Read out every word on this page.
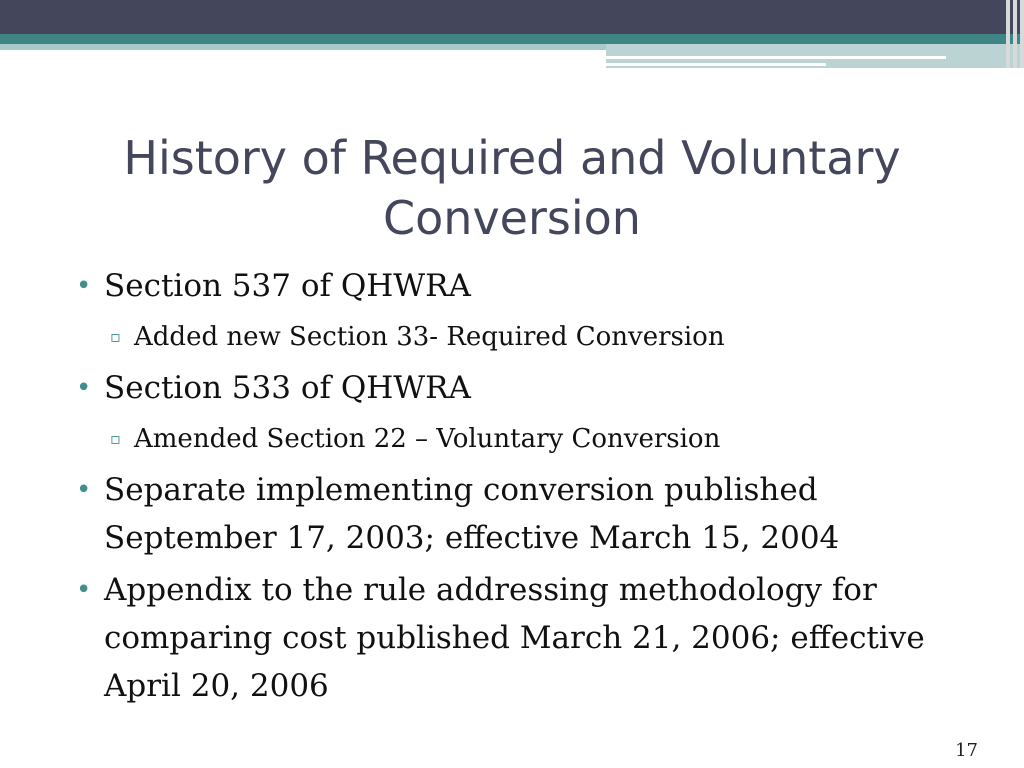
History of Required and Voluntary Conversion
• Section 537 of QHWRA
▫ Added new Section 33- Required Conversion
• Section 533 of QHWRA
▫ Amended Section 22 – Voluntary Conversion
• Separate implementing conversion published September 17, 2003; effective March 15, 2004
• Appendix to the rule addressing methodology for comparing cost published March 21, 2006; effective April 20, 2006
17
